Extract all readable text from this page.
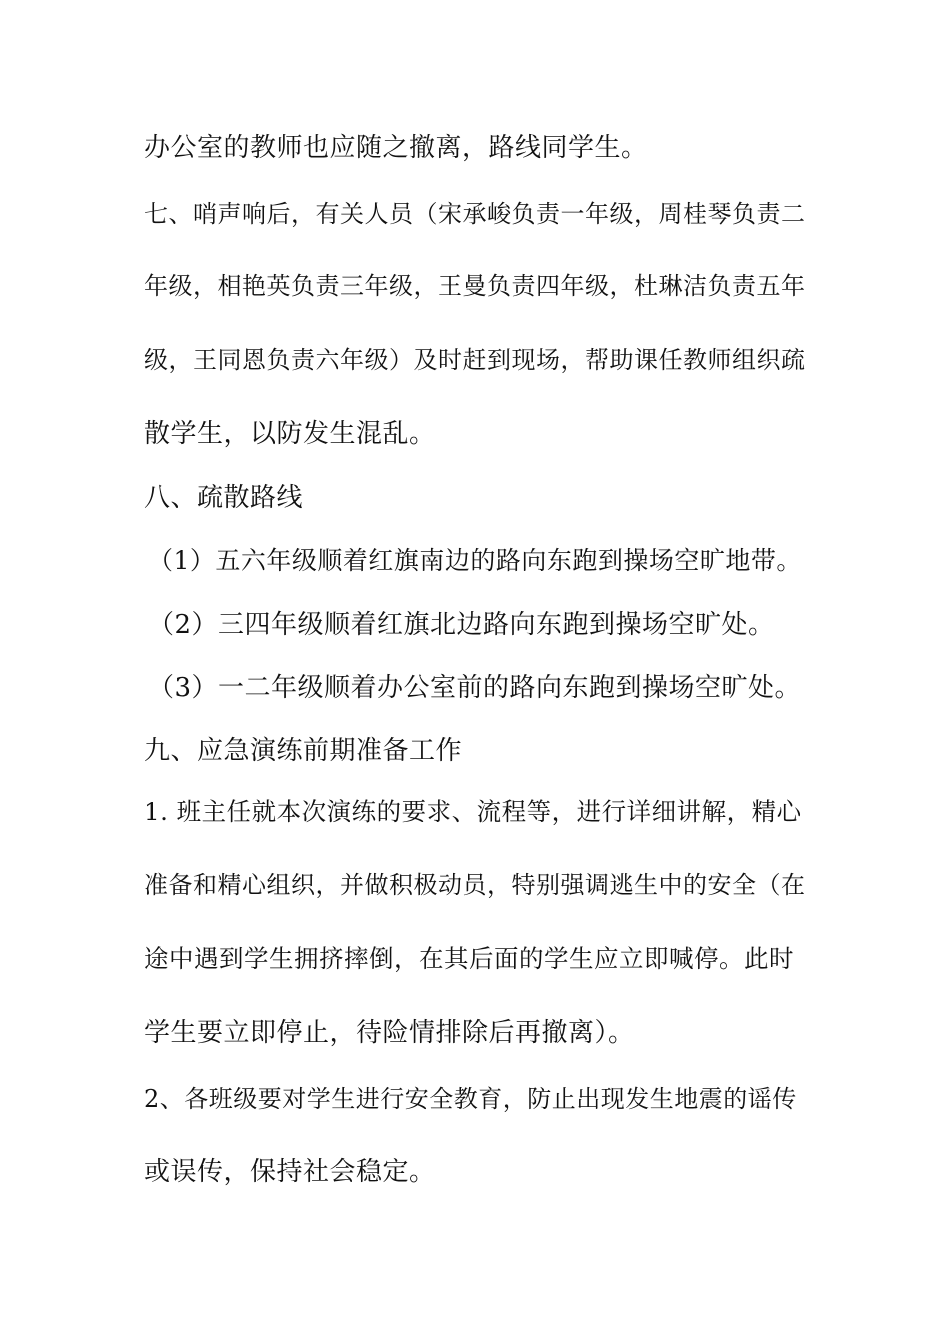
办公室的教师也应随之撤离，路线同学生。
七、哨声响后，有关人员（宋承峻负责一年级，周桂琴负责二
年级，相艳英负责三年级，王曼负责四年级，杜琳洁负责五年
级，王同恩负责六年级）及时赶到现场，帮助课任教师组织疏
散学生，以防发生混乱。
八、疏散路线
（1）五六年级顺着红旗南边的路向东跑到操场空旷地带。
（2）三四年级顺着红旗北边路向东跑到操场空旷处。
（3）一二年级顺着办公室前的路向东跑到操场空旷处。
九、应急演练前期准备工作
1. 班主任就本次演练的要求、流程等，进行详细讲解，精心
准备和精心组织，并做积极动员，特别强调逃生中的安全（在
途中遇到学生拥挤摔倒，在其后面的学生应立即喊停。此时
学生要立即停止，待险情排除后再撤离）。
2、各班级要对学生进行安全教育，防止出现发生地震的谣传
或误传，保持社会稳定。
